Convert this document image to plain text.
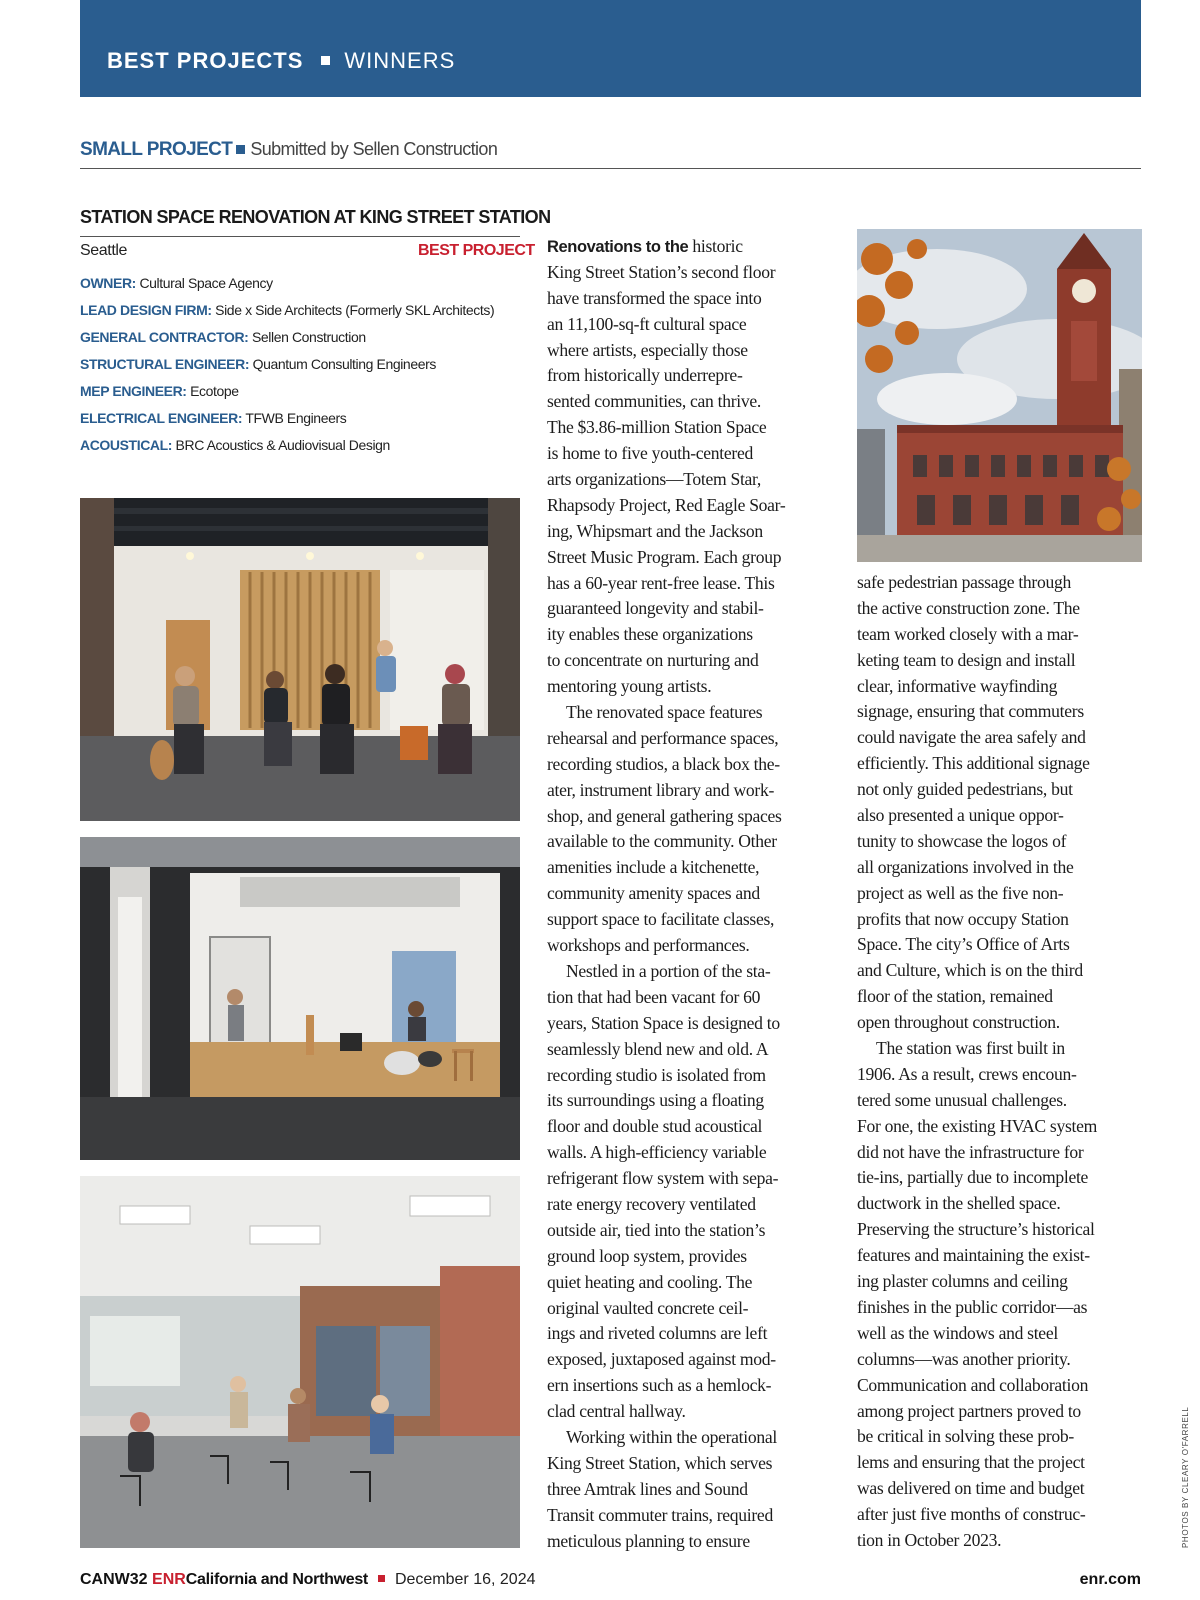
BEST PROJECTS WINNERS
SMALL PROJECT Submitted by Sellen Construction
STATION SPACE RENOVATION AT KING STREET STATION
Seattle	BEST PROJECT
OWNER: Cultural Space Agency
LEAD DESIGN FIRM: Side x Side Architects (Formerly SKL Architects)
GENERAL CONTRACTOR: Sellen Construction
STRUCTURAL ENGINEER: Quantum Consulting Engineers
MEP ENGINEER: Ecotope
ELECTRICAL ENGINEER: TFWB Engineers
ACOUSTICAL: BRC Acoustics & Audiovisual Design
PHOTOS BY CLEARY O'FARRELL
Renovations to the historic
King Street Station’s second floor
have transformed the space into
an 11,100-sq-ft cultural space
where artists, especially those
from historically underrepre-
sented communities, can thrive.
The $3.86-million Station Space
is home to five youth-centered
arts organizations—Totem Star,
Rhapsody Project, Red Eagle Soar-
ing, Whipsmart and the Jackson
Street Music Program. Each group
has a 60-year rent-free lease. This
guaranteed longevity and stabil-
ity enables these organizations
to concentrate on nurturing and
mentoring young artists.
The renovated space features
rehearsal and performance spaces,
recording studios, a black box the-
ater, instrument library and work-
shop, and general gathering spaces
available to the community. Other
amenities include a kitchenette,
community amenity spaces and
support space to facilitate classes,
workshops and performances.
Nestled in a portion of the sta-
tion that had been vacant for 60
years, Station Space is designed to
seamlessly blend new and old. A
recording studio is isolated from
its surroundings using a floating
floor and double stud acoustical
walls. A high-efficiency variable
refrigerant flow system with sepa-
rate energy recovery ventilated
outside air, tied into the station’s
ground loop system, provides
quiet heating and cooling. The
original vaulted concrete ceil-
ings and riveted columns are left
exposed, juxtaposed against mod-
ern insertions such as a hemlock-
clad central hallway.
Working within the operational
King Street Station, which serves
three Amtrak lines and Sound
Transit commuter trains, required
meticulous planning to ensure
safe pedestrian passage through
the active construction zone. The
team worked closely with a mar-
keting team to design and install
clear, informative wayfinding
signage, ensuring that commuters
could navigate the area safely and
efficiently. This additional signage
not only guided pedestrians, but
also presented a unique oppor-
tunity to showcase the logos of
all organizations involved in the
project as well as the five non-
profits that now occupy Station
Space. The city’s Office of Arts
and Culture, which is on the third
floor of the station, remained
open throughout construction.
The station was first built in
1906. As a result, crews encoun-
tered some unusual challenges.
For one, the existing HVAC system
did not have the infrastructure for
tie-ins, partially due to incomplete
ductwork in the shelled space.
Preserving the structure’s historical
features and maintaining the exist-
ing plaster columns and ceiling
finishes in the public corridor—as
well as the windows and steel
columns—was another priority.
Communication and collaboration
among project partners proved to
be critical in solving these prob-
lems and ensuring that the project
was delivered on time and budget
after just five months of construc-
tion in October 2023.
CANW32 ENRCalifornia and Northwest December 16, 2024	enr.com
